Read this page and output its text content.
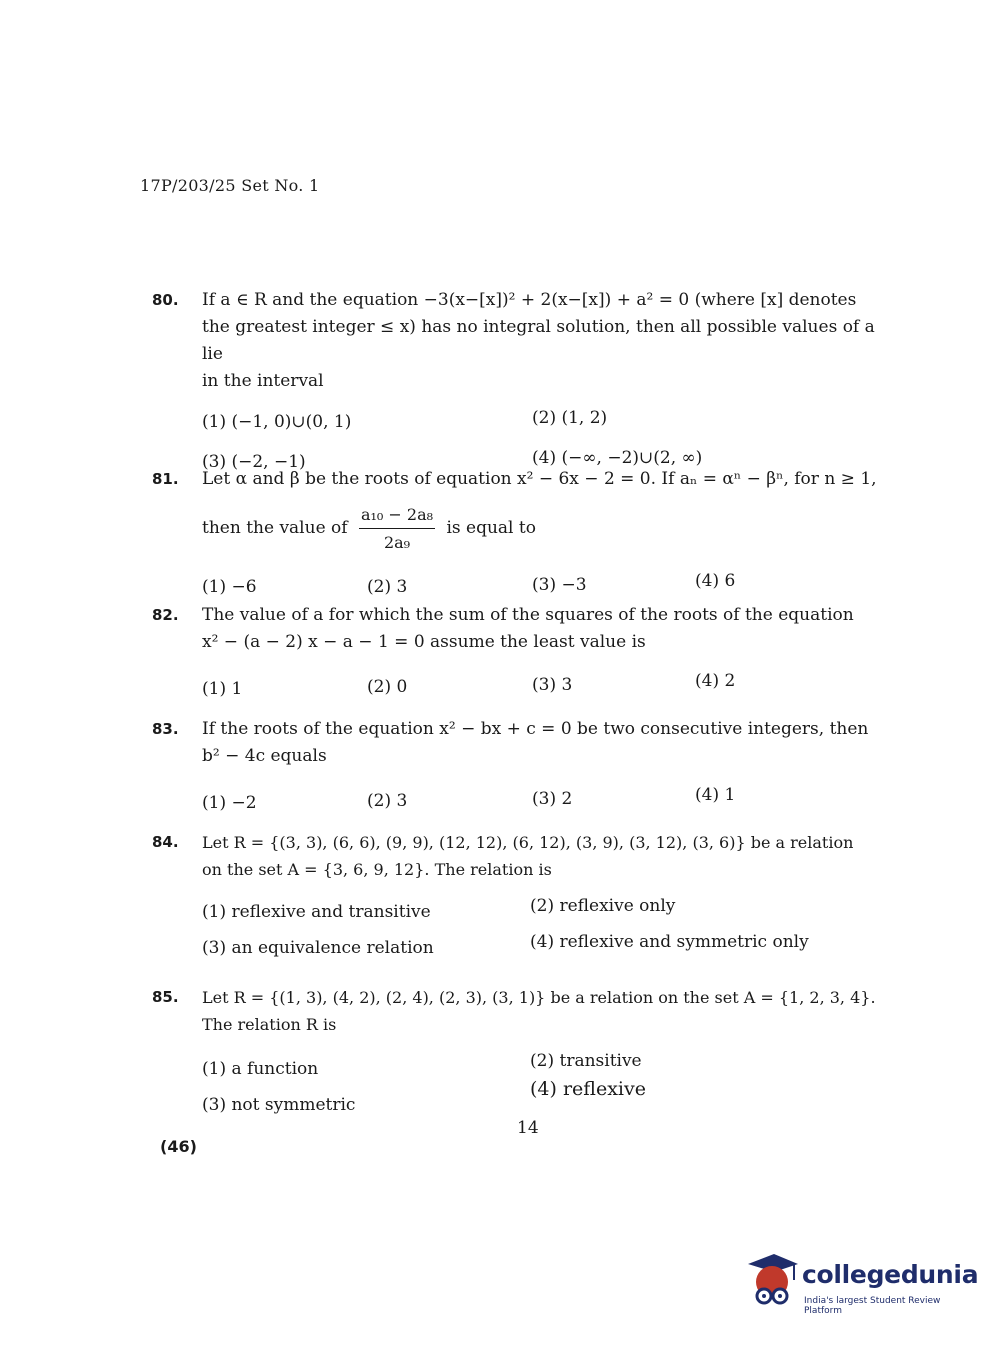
17P/203/25 Set No. 1
80. If a ∈ R and the equation −3(x−[x])² + 2(x−[x]) + a² = 0 (where [x] denotes
the greatest integer ≤ x) has no integral solution, then all possible values of a lie
in the interval
(1) (−1, 0)∪(0, 1)	(2) (1, 2)
(3) (−2, −1)	(4) (−∞, −2)∪(2, ∞)
81. Let α and β be the roots of equation x² − 6x − 2 = 0. If aₙ = αⁿ − βⁿ, for n ≥ 1,

then the value of $\frac{\text{a₁₀ − 2a₈}}{\text{2a₉}}$ is equal to
(1) −6	(2) 3	(3) −3	(4) 6
82. The value of a for which the sum of the squares of the roots of the equation
x² − (a − 2) x − a − 1 = 0 assume the least value is
(1) 1	(2) 0	(3) 3	(4) 2
83. If the roots of the equation x² − bx + c = 0 be two consecutive integers, then
b² − 4c equals
(1) −2	(2) 3	(3) 2	(4) 1
84. Let R = {(3, 3), (6, 6), (9, 9), (12, 12), (6, 12), (3, 9), (3, 12), (3, 6)} be a relation
on the set A = {3, 6, 9, 12}. The relation is
(1) reflexive and transitive	(2) reflexive only
(3) an equivalence relation	(4) reflexive and symmetric only
85. Let R = {(1, 3), (4, 2), (2, 4), (2, 3), (3, 1)} be a relation on the set A = {1, 2, 3, 4}.
The relation R is
(1) a function	(2) transitive
(3) not symmetric
(4) reflexive
14
(46)
collegedunia
India's largest Student Review Platform
